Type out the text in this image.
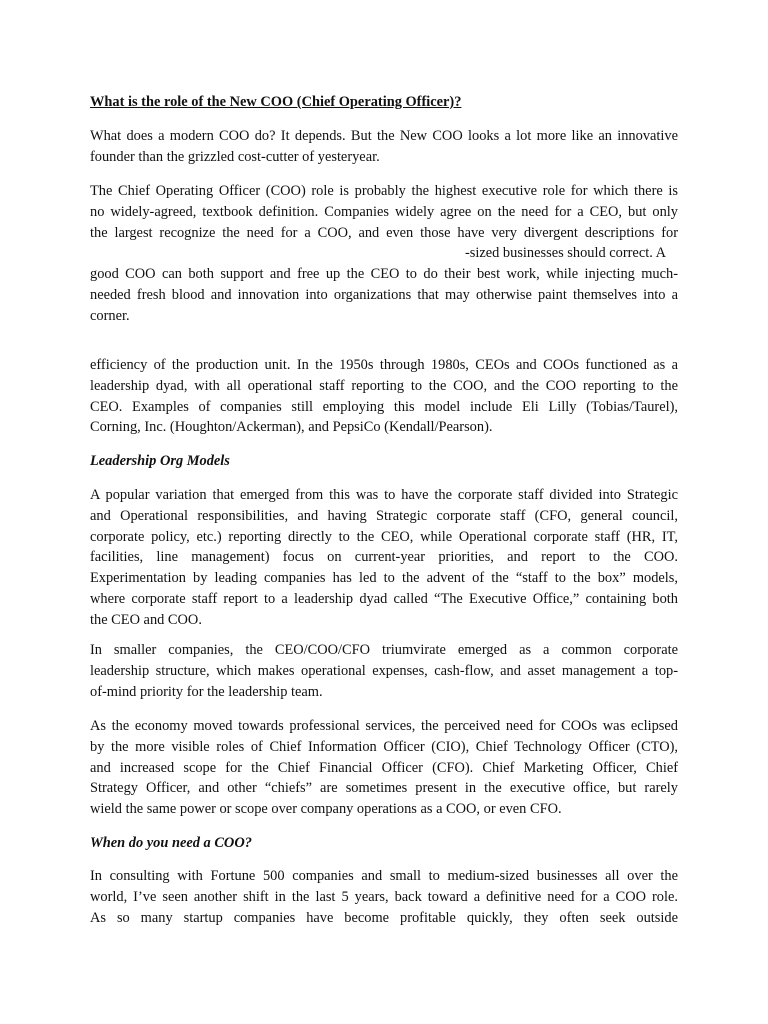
What is the role of the New COO (Chief Operating Officer)?

What does a modern COO do? It depends. But the New COO looks a lot more like an innovative
founder than the grizzled cost-cutter of yesteryear.

The Chief Operating Officer (COO) role is probably the highest executive role for which there is
no widely-agreed, textbook definition. Companies widely agree on the need for a CEO, but only
the largest recognize the need for a COO, and even those have very divergent descriptions for
-sized businesses should correct. A
good COO can both support and free up the CEO to do their best work, while injecting much-
needed fresh blood and innovation into organizations that may otherwise paint themselves into a
corner.

efficiency of the production unit. In the 1950s through 1980s, CEOs and COOs functioned as a
leadership dyad, with all operational staff reporting to the COO, and the COO reporting to the
CEO. Examples of companies still employing this model include Eli Lilly (Tobias/Taurel),
Corning, Inc. (Houghton/Ackerman), and PepsiCo (Kendall/Pearson).

Leadership Org Models

A popular variation that emerged from this was to have the corporate staff divided into Strategic
and Operational responsibilities, and having Strategic corporate staff (CFO, general council,
corporate policy, etc.) reporting directly to the CEO, while Operational corporate staff (HR, IT,
facilities, line management) focus on current-year priorities, and report to the COO.
Experimentation by leading companies has led to the advent of the “staff to the box” models,
where corporate staff report to a leadership dyad called “The Executive Office,” containing both
the CEO and COO.

In smaller companies, the CEO/COO/CFO triumvirate emerged as a common corporate
leadership structure, which makes operational expenses, cash-flow, and asset management a top-
of-mind priority for the leadership team.

As the economy moved towards professional services, the perceived need for COOs was eclipsed
by the more visible roles of Chief Information Officer (CIO), Chief Technology Officer (CTO),
and increased scope for the Chief Financial Officer (CFO). Chief Marketing Officer, Chief
Strategy Officer, and other “chiefs” are sometimes present in the executive office, but rarely
wield the same power or scope over company operations as a COO, or even CFO.

When do you need a COO?

In consulting with Fortune 500 companies and small to medium-sized businesses all over the
world, I’ve seen another shift in the last 5 years, back toward a definitive need for a COO role.
As so many startup companies have become profitable quickly, they often seek outside
